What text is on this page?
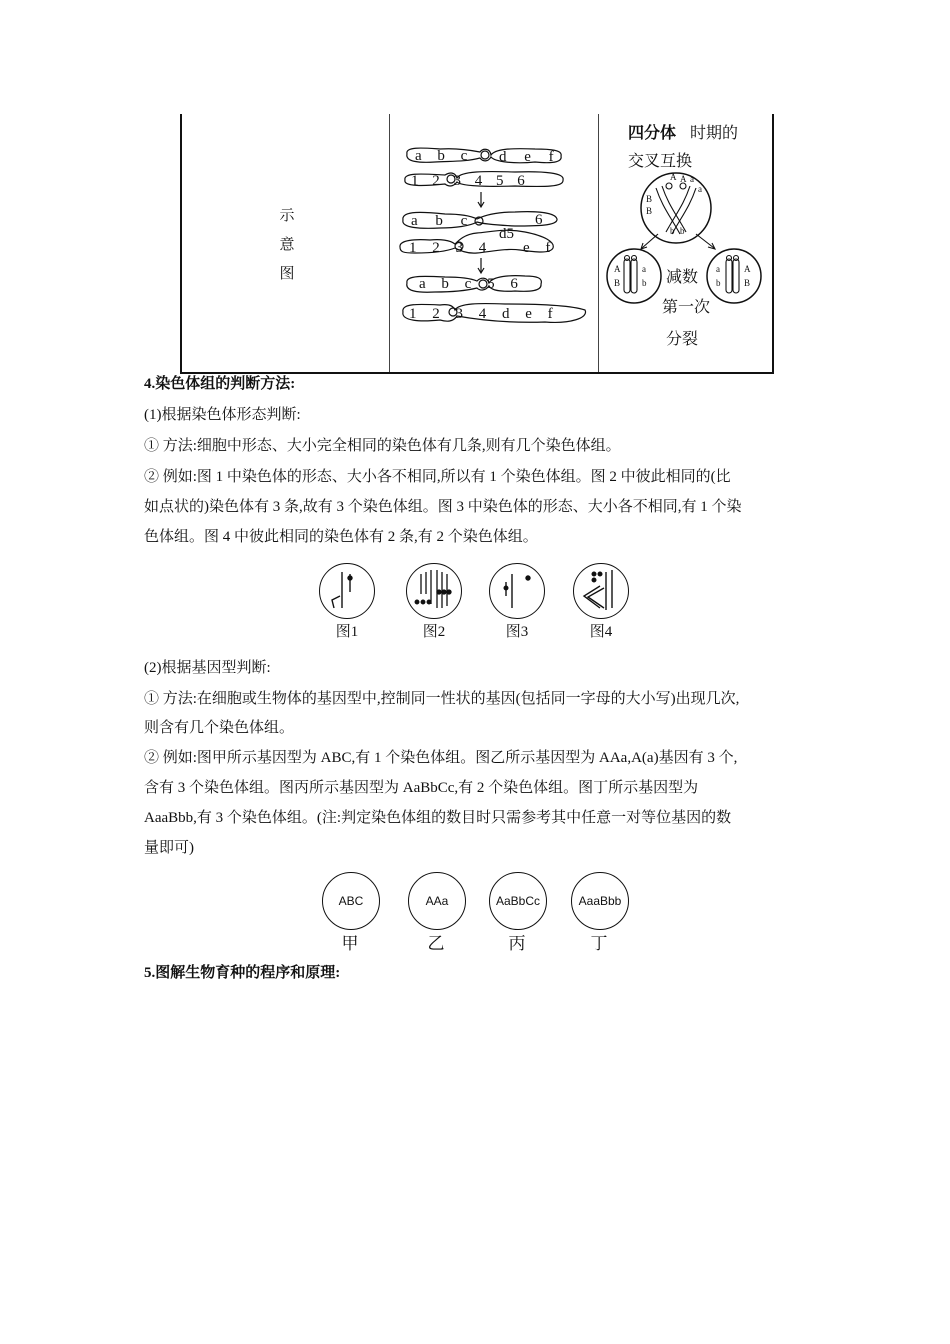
示
意
图
a b c d e f
1 2 3 4 5 6
a b c	6
1 2 3 4
d5
e f
a b c 5 6
1 2 3 4 d e f
四分体 时期的
交叉互换
A A a
a
B
B
b b
A a
B b
a	A
b	B
减数
第一次
分裂
4.染色体组的判断方法:
(1)根据染色体形态判断:
① 方法:细胞中形态、大小完全相同的染色体有几条,则有几个染色体组。
② 例如:图 1 中染色体的形态、大小各不相同,所以有 1 个染色体组。图 2 中彼此相同的(比
如点状的)染色体有 3 条,故有 3 个染色体组。图 3 中染色体的形态、大小各不相同,有 1 个染
色体组。图 4 中彼此相同的染色体有 2 条,有 2 个染色体组。
图1	图2	图3	图4
(2)根据基因型判断:
① 方法:在细胞或生物体的基因型中,控制同一性状的基因(包括同一字母的大小写)出现几次,
则含有几个染色体组。
② 例如:图甲所示基因型为 ABC,有 1 个染色体组。图乙所示基因型为 AAa,A(a)基因有 3 个,
含有 3 个染色体组。图丙所示基因型为 AaBbCc,有 2 个染色体组。图丁所示基因型为
AaaBbb,有 3 个染色体组。(注:判定染色体组的数目时只需参考其中任意一对等位基因的数
量即可)
ABC	AAa	AaBbCc	AaaBbb
甲	乙	丙	丁
5.图解生物育种的程序和原理:
